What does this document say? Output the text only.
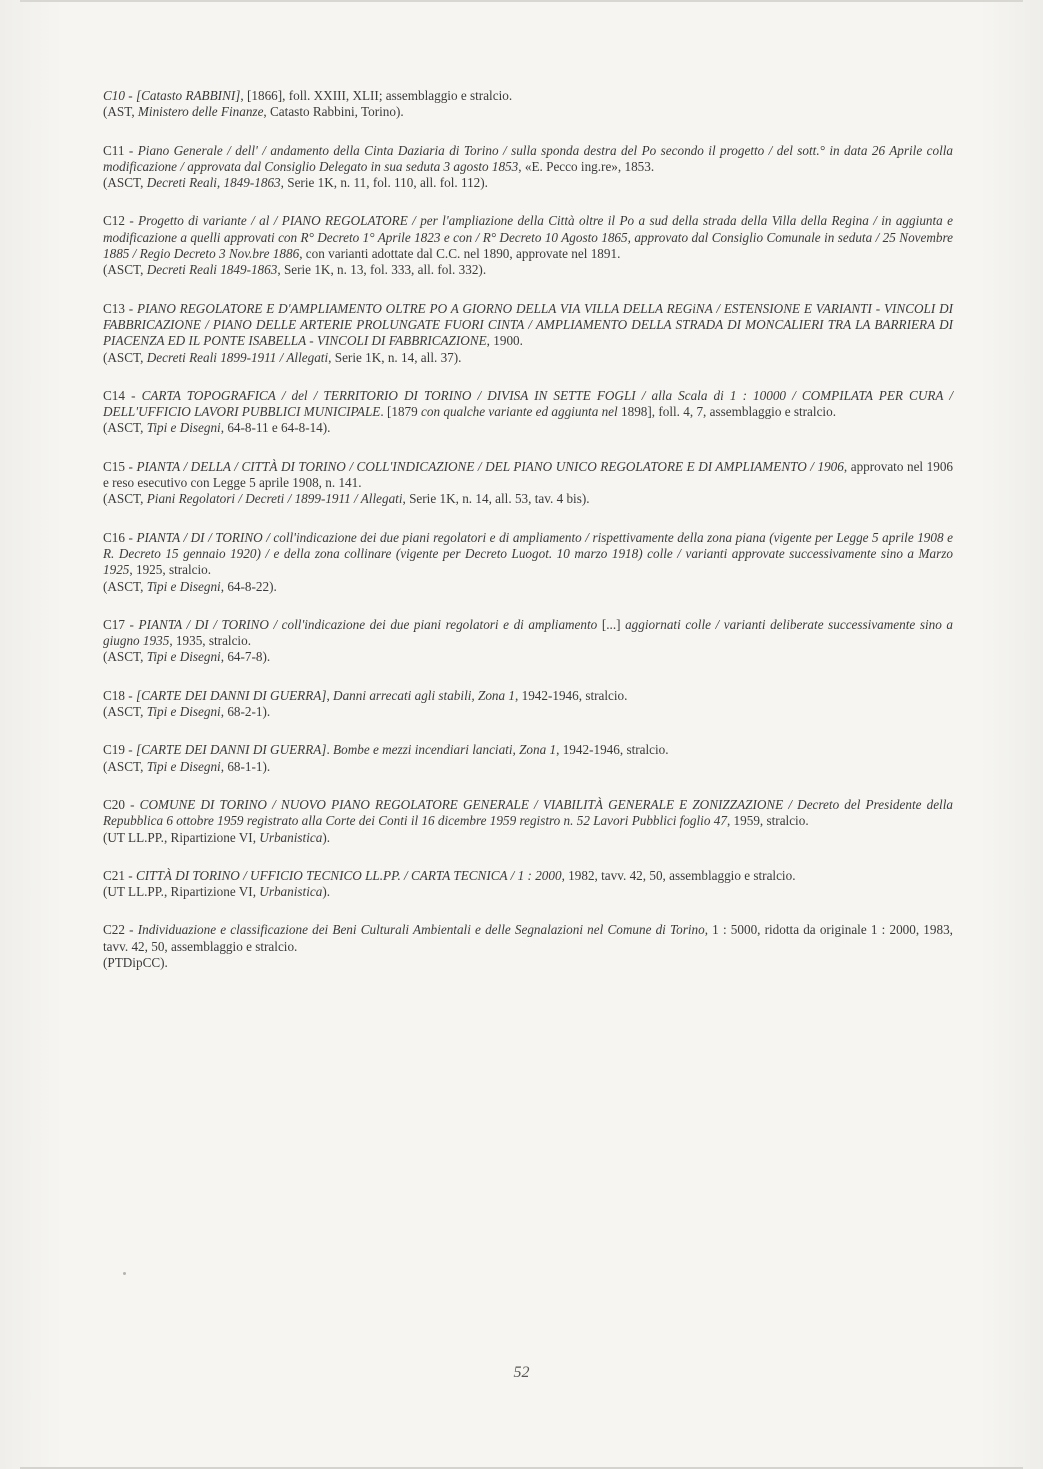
C10 - [Catasto RABBINI], [1866], foll. XXIII, XLII; assemblaggio e stralcio.

(AST, Ministero delle Finanze, Catasto Rabbini, Torino).

C11 - Piano Generale / dell' / andamento della Cinta Daziaria di Torino / sulla sponda destra del Po secondo il progetto / del sott.° in data 26 Aprile colla modificazione / approvata dal Consiglio Delegato in sua seduta 3 agosto 1853, «E. Pecco ing.re», 1853.

(ASCT, Decreti Reali, 1849-1863, Serie 1K, n. 11, fol. 110, all. fol. 112).

C12 - Progetto di variante / al / PIANO REGOLATORE / per l'ampliazione della Città oltre il Po a sud della strada della Villa della Regina / in aggiunta e modificazione a quelli approvati con R° Decreto 1° Aprile 1823 e con / R° Decreto 10 Agosto 1865, approvato dal Consiglio Comunale in seduta / 25 Novembre 1885 / Regio Decreto 3 Nov.bre 1886, con varianti adottate dal C.C. nel 1890, approvate nel 1891.

(ASCT, Decreti Reali 1849-1863, Serie 1K, n. 13, fol. 333, all. fol. 332).

C13 - PIANO REGOLATORE E D'AMPLIAMENTO OLTRE PO A GIORNO DELLA VIA VILLA DELLA REGiNA / ESTENSIONE E VARIANTI - VINCOLI DI FABBRICAZIONE / PIANO DELLE ARTERIE PROLUNGATE FUORI CINTA / AMPLIAMENTO DELLA STRADA DI MONCALIERI TRA LA BARRIERA DI PIACENZA ED IL PONTE ISABELLA - VINCOLI DI FABBRICAZIONE, 1900.

(ASCT, Decreti Reali 1899-1911 / Allegati, Serie 1K, n. 14, all. 37).

C14 - CARTA TOPOGRAFICA / del / TERRITORIO DI TORINO / DIVISA IN SETTE FOGLI / alla Scala di 1 : 10000 / COMPILATA PER CURA / DELL'UFFICIO LAVORI PUBBLICI MUNICIPALE. [1879 con qualche variante ed aggiunta nel 1898], foll. 4, 7, assemblaggio e stralcio.

(ASCT, Tipi e Disegni, 64-8-11 e 64-8-14).

C15 - PIANTA / DELLA / CITTÀ DI TORINO / COLL'INDICAZIONE / DEL PIANO UNICO REGOLATORE E DI AMPLIAMENTO / 1906, approvato nel 1906 e reso esecutivo con Legge 5 aprile 1908, n. 141.

(ASCT, Piani Regolatori / Decreti / 1899-1911 / Allegati, Serie 1K, n. 14, all. 53, tav. 4 bis).

C16 - PIANTA / DI / TORINO / coll'indicazione dei due piani regolatori e di ampliamento / rispettivamente della zona piana (vigente per Legge 5 aprile 1908 e R. Decreto 15 gennaio 1920) / e della zona collinare (vigente per Decreto Luogot. 10 marzo 1918) colle / varianti approvate successivamente sino a Marzo 1925, 1925, stralcio.

(ASCT, Tipi e Disegni, 64-8-22).

C17 - PIANTA / DI / TORINO / coll'indicazione dei due piani regolatori e di ampliamento [...] aggiornati colle / varianti deliberate successivamente sino a giugno 1935, 1935, stralcio.

(ASCT, Tipi e Disegni, 64-7-8).

C18 - [CARTE DEI DANNI DI GUERRA], Danni arrecati agli stabili, Zona 1, 1942-1946, stralcio.

(ASCT, Tipi e Disegni, 68-2-1).

C19 - [CARTE DEI DANNI DI GUERRA]. Bombe e mezzi incendiari lanciati, Zona 1, 1942-1946, stralcio.

(ASCT, Tipi e Disegni, 68-1-1).

C20 - COMUNE DI TORINO / NUOVO PIANO REGOLATORE GENERALE / VIABILITÀ GENERALE E ZONIZZAZIONE / Decreto del Presidente della Repubblica 6 ottobre 1959 registrato alla Corte dei Conti il 16 dicembre 1959 registro n. 52 Lavori Pubblici foglio 47, 1959, stralcio.

(UT LL.PP., Ripartizione VI, Urbanistica).

C21 - CITTÀ DI TORINO / UFFICIO TECNICO LL.PP. / CARTA TECNICA / 1 : 2000, 1982, tavv. 42, 50, assemblaggio e stralcio.

(UT LL.PP., Ripartizione VI, Urbanistica).

C22 - Individuazione e classificazione dei Beni Culturali Ambientali e delle Segnalazioni nel Comune di Torino, 1 : 5000, ridotta da originale 1 : 2000, 1983, tavv. 42, 50, assemblaggio e stralcio.

(PTDipCC).

52
